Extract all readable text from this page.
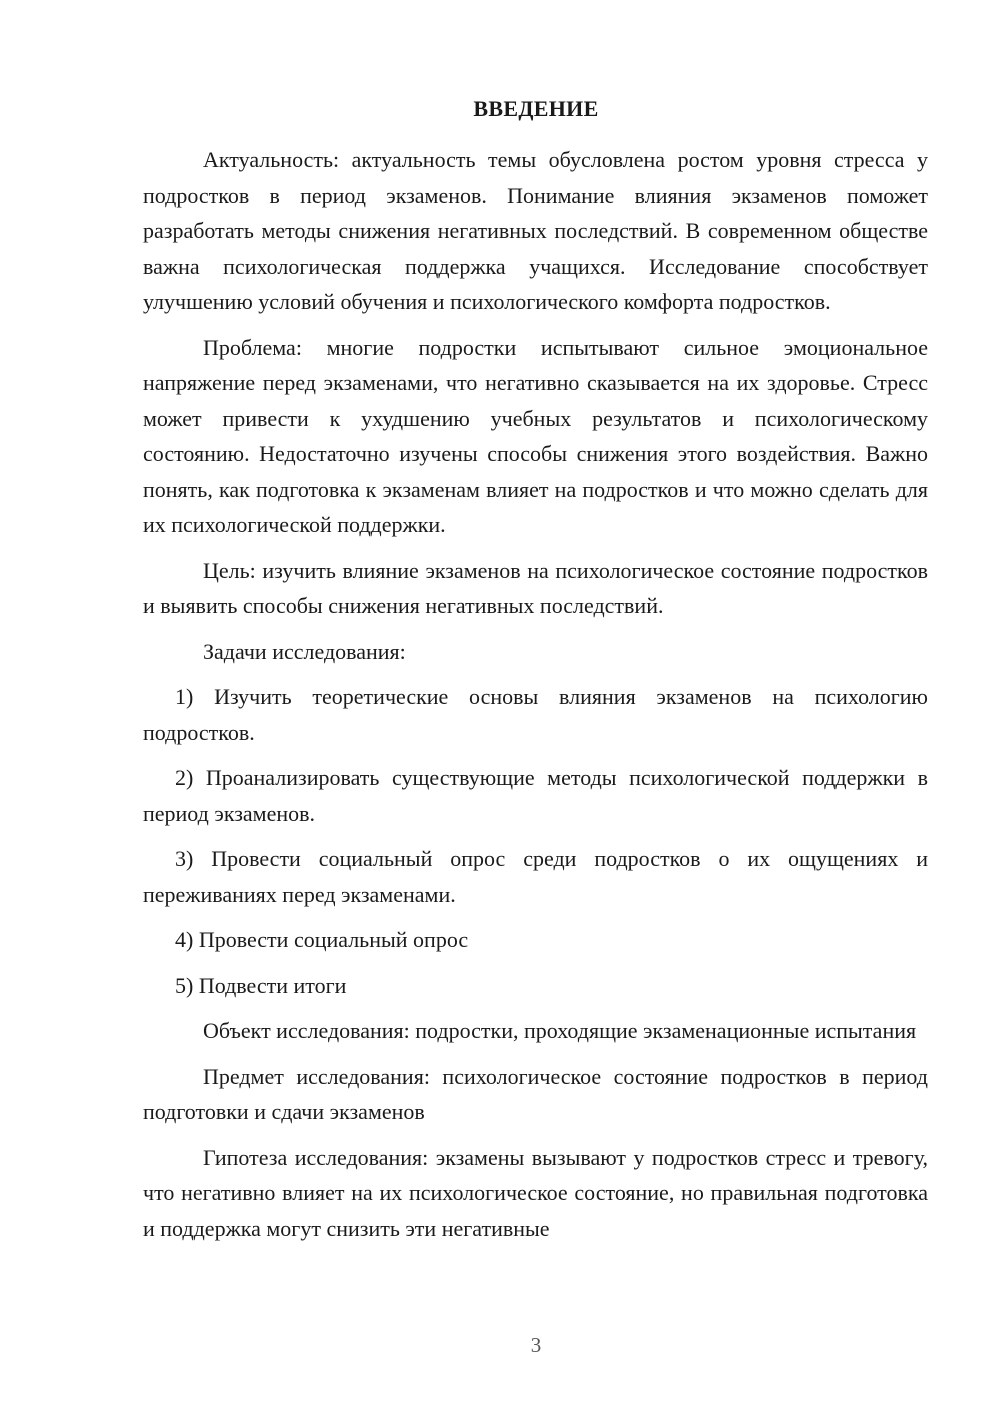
ВВЕДЕНИЕ

Актуальность: актуальность темы обусловлена ростом уровня стресса у подростков в период экзаменов. Понимание влияния экзаменов поможет разработать методы снижения негативных последствий. В современном обществе важна психологическая поддержка учащихся. Исследование способствует улучшению условий обучения и психологического комфорта подростков.

Проблема: многие подростки испытывают сильное эмоциональное напряжение перед экзаменами, что негативно сказывается на их здоровье. Стресс может привести к ухудшению учебных результатов и психологическому состоянию. Недостаточно изучены способы снижения этого воздействия. Важно понять, как подготовка к экзаменам влияет на подростков и что можно сделать для их психологической поддержки.

Цель: изучить влияние экзаменов на психологическое состояние подростков и выявить способы снижения негативных последствий.

Задачи исследования:

1) Изучить теоретические основы влияния экзаменов на психологию подростков.

2) Проанализировать существующие методы психологической поддержки в период экзаменов.

3) Провести социальный опрос среди подростков о их ощущениях и переживаниях перед экзаменами.

4) Провести социальный опрос

5) Подвести итоги

Объект исследования: подростки, проходящие экзаменационные испытания

Предмет исследования: психологическое состояние подростков в период подготовки и сдачи экзаменов

Гипотеза исследования: экзамены вызывают у подростков стресс и тревогу, что негативно влияет на их психологическое состояние, но правильная подготовка и поддержка могут снизить эти негативные

3
